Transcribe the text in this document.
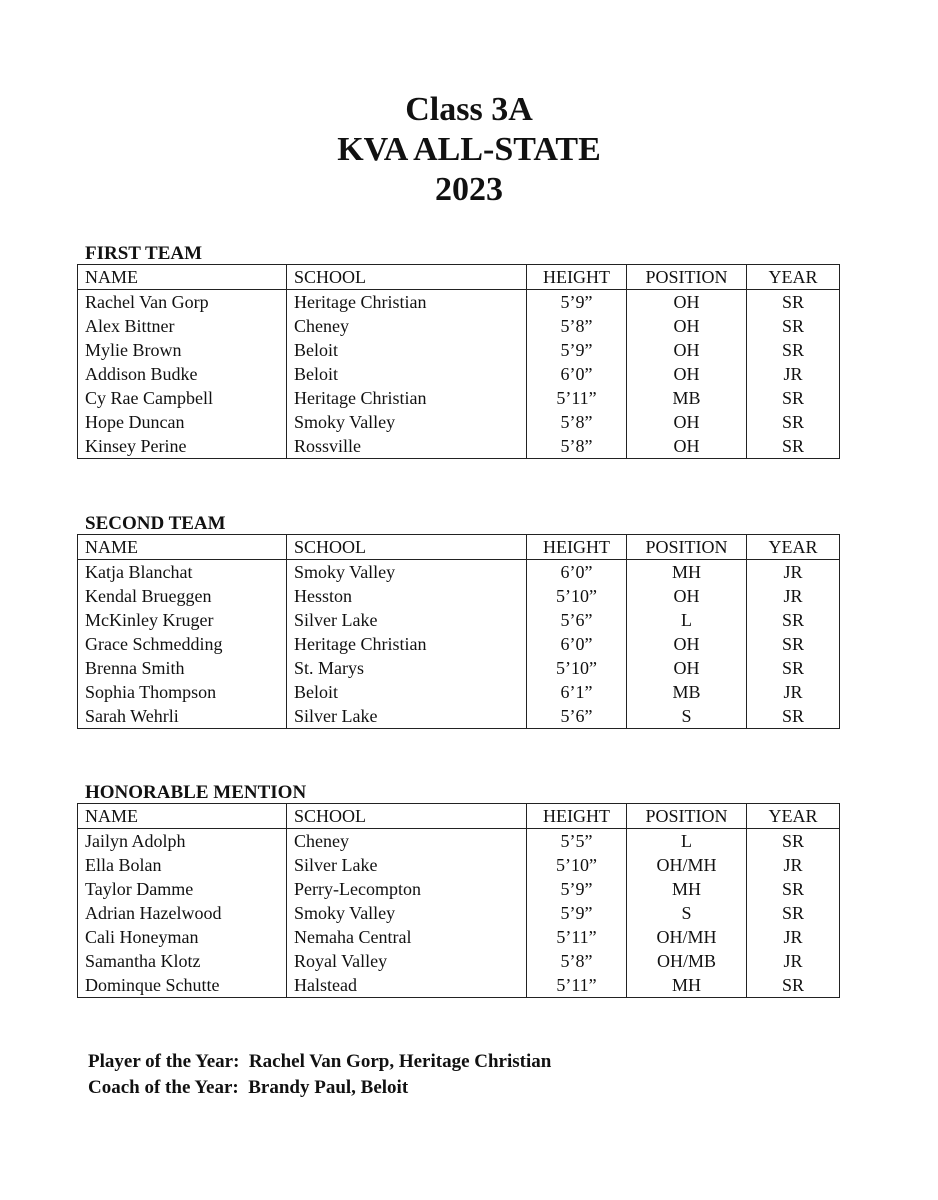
Class 3A
KVA ALL-STATE
2023
FIRST TEAM
NAME	SCHOOL	HEIGHT	POSITION	YEAR
Rachel Van Gorp	Heritage Christian	5’9”	OH	SR
Alex Bittner	Cheney	5’8”	OH	SR
Mylie Brown	Beloit	5’9”	OH	SR
Addison Budke	Beloit	6’0”	OH	JR
Cy Rae Campbell	Heritage Christian	5’11”	MB	SR
Hope Duncan	Smoky Valley	5’8”	OH	SR
Kinsey Perine	Rossville	5’8”	OH	SR
SECOND TEAM
NAME	SCHOOL	HEIGHT	POSITION	YEAR
Katja Blanchat	Smoky Valley	6’0”	MH	JR
Kendal Brueggen	Hesston	5’10”	OH	JR
McKinley Kruger	Silver Lake	5’6”	L	SR
Grace Schmedding	Heritage Christian	6’0”	OH	SR
Brenna Smith	St. Marys	5’10”	OH	SR
Sophia Thompson	Beloit	6’1”	MB	JR
Sarah Wehrli	Silver Lake	5’6”	S	SR
HONORABLE MENTION
NAME	SCHOOL	HEIGHT	POSITION	YEAR
Jailyn Adolph	Cheney	5’5”	L	SR
Ella Bolan	Silver Lake	5’10”	OH/MH	JR
Taylor Damme	Perry-Lecompton	5’9”	MH	SR
Adrian Hazelwood	Smoky Valley	5’9”	S	SR
Cali Honeyman	Nemaha Central	5’11”	OH/MH	JR
Samantha Klotz	Royal Valley	5’8”	OH/MB	JR
Dominque Schutte	Halstead	5’11”	MH	SR
Player of the Year:  Rachel Van Gorp, Heritage Christian
Coach of the Year:  Brandy Paul, Beloit
